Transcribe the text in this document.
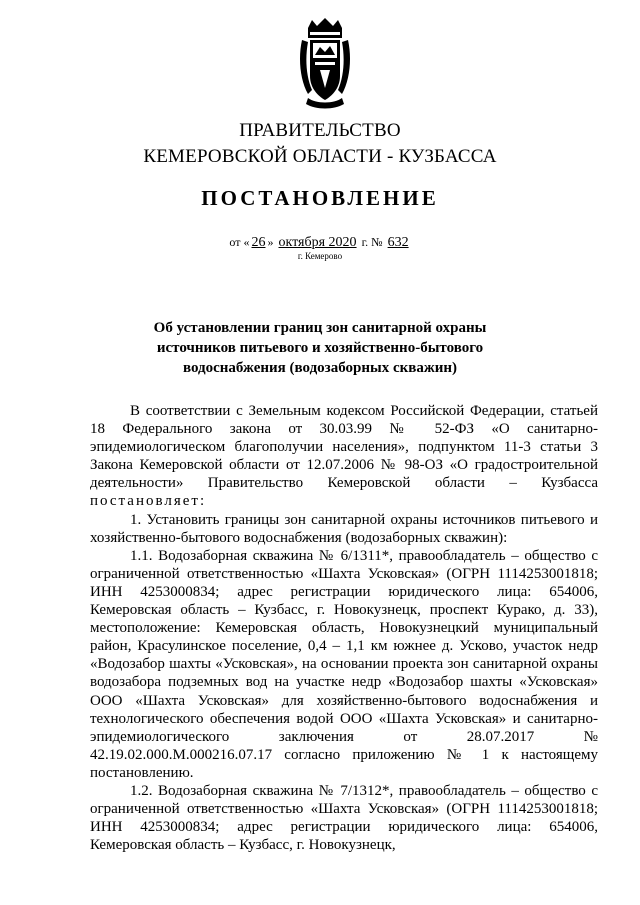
ПРАВИТЕЛЬСТВО
КЕМЕРОВСКОЙ ОБЛАСТИ - КУЗБАССА
ПОСТАНОВЛЕНИЕ
от « 26 » октября 2020 г. № 632
г. Кемерово
Об установлении границ зон санитарной охраны источников питьевого и хозяйственно-бытового водоснабжения (водозаборных скважин)

В соответствии с Земельным кодексом Российской Федерации, статьей 18 Федерального закона от 30.03.99 № 52-ФЗ «О санитарно-эпидемиологическом благополучии населения», подпунктом 11-3 статьи 3 Закона Кемеровской области от 12.07.2006 № 98-ОЗ «О градостроительной деятельности» Правительство Кемеровской области – Кузбасса постановляет:

1. Установить границы зон санитарной охраны источников питьевого и хозяйственно-бытового водоснабжения (водозаборных скважин):

1.1. Водозаборная скважина № 6/1311*, правообладатель – общество с ограниченной ответственностью «Шахта Усковская» (ОГРН 1114253001818; ИНН 4253000834; адрес регистрации юридического лица: 654006, Кемеровская область – Кузбасс, г. Новокузнецк, проспект Курако, д. 33), местоположение: Кемеровская область, Новокузнецкий муниципальный район, Красулинское поселение, 0,4 – 1,1 км южнее д. Усково, участок недр «Водозабор шахты «Усковская», на основании проекта зон санитарной охраны водозабора подземных вод на участке недр «Водозабор шахты «Усковская» ООО «Шахта Усковская» для хозяйственно-бытового водоснабжения и технологического обеспечения водой ООО «Шахта Усковская» и санитарно-эпидемиологического заключения от 28.07.2017 № 42.19.02.000.М.000216.07.17 согласно приложению № 1 к настоящему постановлению.

1.2. Водозаборная скважина № 7/1312*, правообладатель – общество с ограниченной ответственностью «Шахта Усковская» (ОГРН 1114253001818; ИНН 4253000834; адрес регистрации юридического лица: 654006, Кемеровская область – Кузбасс, г. Новокузнецк,
